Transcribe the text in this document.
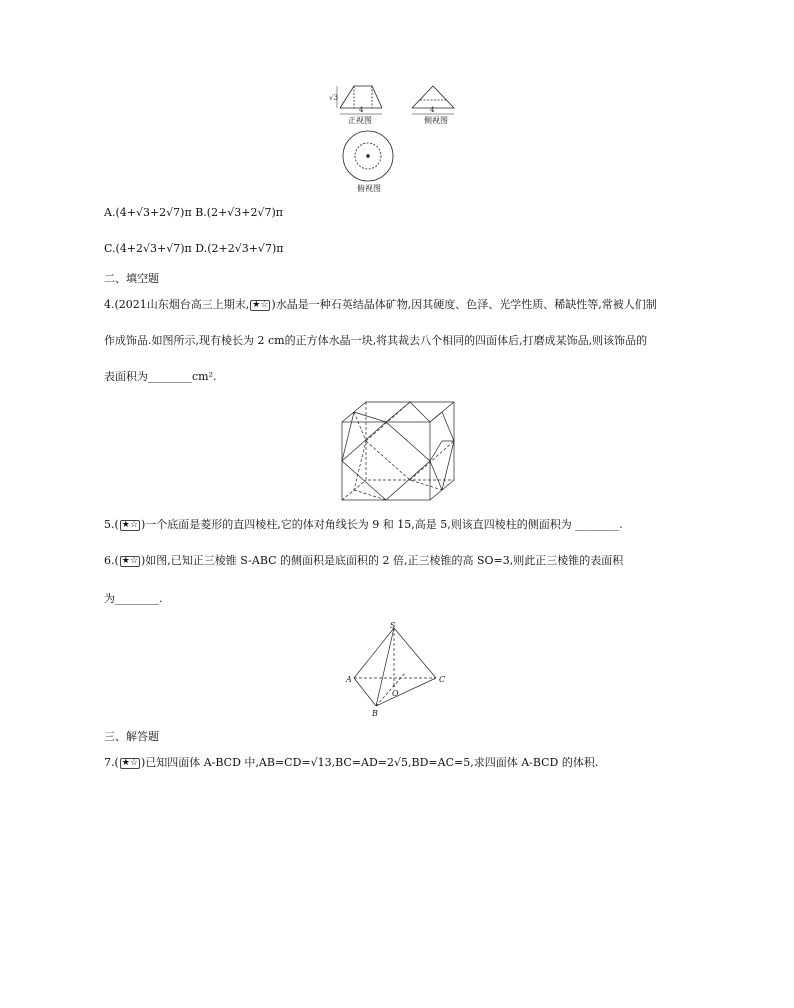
√3
4
正视图
4
侧视图
俯视图
A.(4+√3+2√7)π B.(2+√3+2√7)π
C.(4+2√3+√7)π D.(2+2√3+√7)π
二、填空题
4.(2021山东烟台高三上期末, ★☆ )水晶是一种石英结晶体矿物,因其硬度、色泽、光学性质、稀缺性等,常被人们制
作成饰品.如图所示,现有棱长为 2 cm的正方体水晶一块,将其裁去八个相同的四面体后,打磨成某饰品,则该饰品的
表面积为________cm².
5.( ★☆ )一个底面是菱形的直四棱柱,它的体对角线长为 9 和 15,高是 5,则该直四棱柱的侧面积为 ________.
6.( ★☆ )如图,已知正三棱锥 S-ABC 的侧面积是底面积的 2 倍,正三棱锥的高 SO=3,则此正三棱锥的表面积
为________.
S
A	C
B
O
三、解答题
7.( ★☆ )已知四面体 A-BCD 中,AB=CD=√13,BC=AD=2√5,BD=AC=5,求四面体 A-BCD 的体积.
